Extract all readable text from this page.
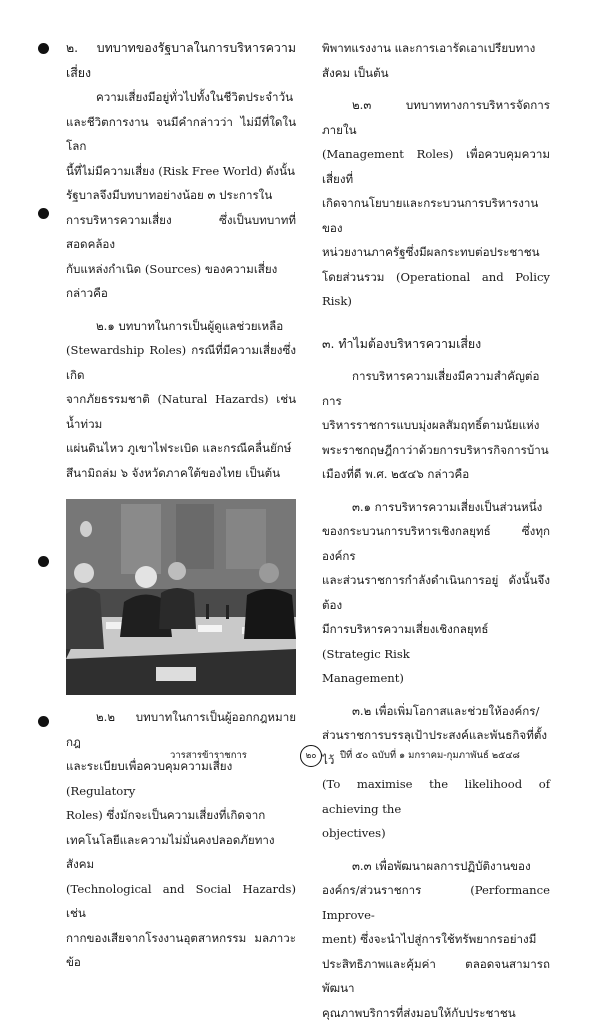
๒. บทบาทของรัฐบาลในการบริหารความเสี่ยง

ความเสี่ยงมีอยู่ทั่วไปทั้งในชีวิตประจำวัน

และชีวิตการงาน จนมีคำกล่าวว่า ไม่มีที่ใดในโลก

นี้ที่ไม่มีความเสี่ยง (Risk Free World) ดังนั้น

รัฐบาลจึงมีบทบาทอย่างน้อย ๓ ประการใน

การบริหารความเสี่ยง ซึ่งเป็นบทบาทที่สอดคล้อง

กับแหล่งกำเนิด (Sources) ของความเสี่ยง

กล่าวคือ

๒.๑ บทบาทในการเป็นผู้ดูแลช่วยเหลือ

(Stewardship Roles) กรณีที่มีความเสี่ยงซึ่งเกิด

จากภัยธรรมชาติ (Natural Hazards) เช่น น้ำท่วม

แผ่นดินไหว ภูเขาไฟระเบิด และกรณีคลื่นยักษ์

สึนามิถล่ม ๖ จังหวัดภาคใต้ของไทย เป็นต้น

๒.๒ บทบาทในการเป็นผู้ออกกฎหมาย กฎ

และระเบียบเพื่อควบคุมความเสี่ยง (Regulatory

Roles) ซึ่งมักจะเป็นความเสี่ยงที่เกิดจาก

เทคโนโลยีและความไม่มั่นคงปลอดภัยทางสังคม

(Technological and Social Hazards) เช่น

กากของเสียจากโรงงานอุตสาหกรรม มลภาวะ ข้อ

พิพาทแรงงาน และการเอารัดเอาเปรียบทาง

สังคม เป็นต้น

๒.๓ บทบาททางการบริหารจัดการภายใน

(Management Roles) เพื่อควบคุมความเสี่ยงที่

เกิดจากนโยบายและกระบวนการบริหารงานของ

หน่วยงานภาครัฐซึ่งมีผลกระทบต่อประชาชน

โดยส่วนรวม (Operational and Policy Risk)

๓. ทำไมต้องบริหารความเสี่ยง

การบริหารความเสี่ยงมีความสำคัญต่อการ

บริหารราชการแบบมุ่งผลสัมฤทธิ์ตามนัยแห่ง

พระราชกฤษฎีกาว่าด้วยการบริหารกิจการบ้าน

เมืองที่ดี พ.ศ. ๒๕๔๖ กล่าวคือ

๓.๑ การบริหารความเสี่ยงเป็นส่วนหนึ่ง

ของกระบวนการบริหารเชิงกลยุทธ์ ซึ่งทุกองค์กร

และส่วนราชการกำลังดำเนินการอยู่ ดังนั้นจึงต้อง

มีการบริหารความเสี่ยงเชิงกลยุทธ์ (Strategic Risk

Management)

๓.๒ เพื่อเพิ่มโอกาสและช่วยให้องค์กร/

ส่วนราชการบรรลุเป้าประสงค์และพันธกิจที่ตั้งไว้

(To maximise the likelihood of achieving the

objectives)

๓.๓ เพื่อพัฒนาผลการปฏิบัติงานของ

องค์กร/ส่วนราชการ (Performance Improve-

ment) ซึ่งจะนำไปสู่การใช้ทรัพยากรอย่างมี

ประสิทธิภาพและคุ้มค่า ตลอดจนสามารถพัฒนา

คุณภาพบริการที่ส่งมอบให้กับประชาชน

วารสารข้าราชการ	๒๐	ปีที่ ๕๐ ฉบับที่ ๑ มกราคม-กุมภาพันธ์ ๒๕๔๘
